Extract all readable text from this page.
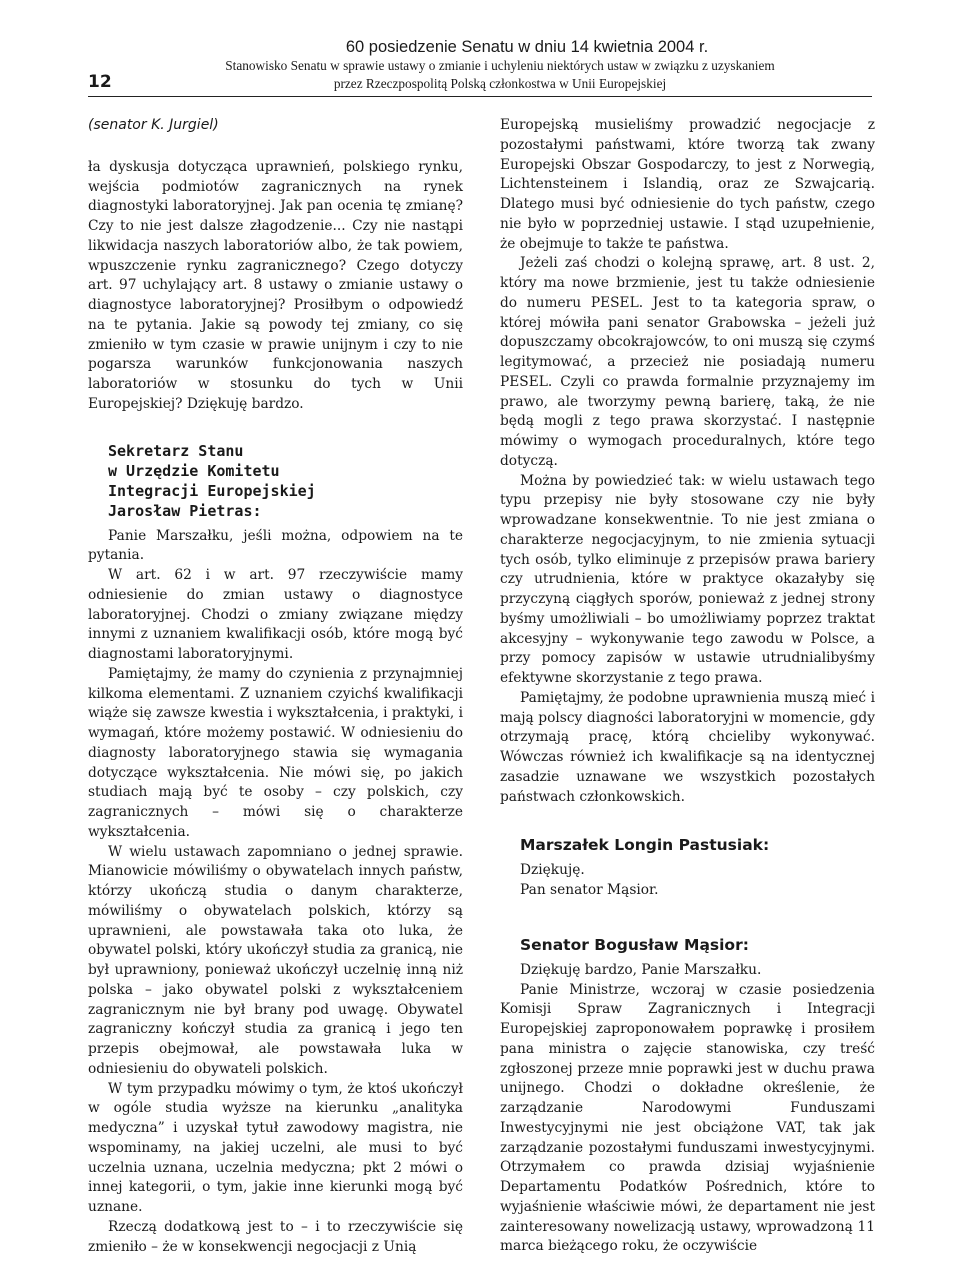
12
60 posiedzenie Senatu w dniu 14 kwietnia 2004 r.
Stanowisko Senatu w sprawie ustawy o zmianie i uchyleniu niektórych ustaw w związku z uzyskaniem
przez Rzeczpospolitą Polską członkostwa w Unii Europejskiej
(senator K. Jurgiel)

ła dyskusja dotycząca uprawnień, polskiego rynku, wejścia podmiotów zagranicznych na rynek diagnostyki laboratoryjnej. Jak pan ocenia tę zmianę? Czy to nie jest dalsze złagodzenie... Czy nie nastąpi likwidacja naszych laboratoriów albo, że tak powiem, wpuszczenie rynku zagranicznego? Czego dotyczy art. 97 uchylający art. 8 ustawy o zmianie ustawy o diagnostyce laboratoryjnej? Prosiłbym o odpowiedź na te pytania. Jakie są powody tej zmiany, co się zmieniło w tym czasie w prawie unijnym i czy to nie pogarsza warunków funkcjonowania naszych laboratoriów w stosunku do tych w Unii Europejskiej? Dziękuję bardzo.

Sekretarz Stanu
w Urzędzie Komitetu
Integracji Europejskiej
Jarosław Pietras:

Panie Marszałku, jeśli można, odpowiem na te pytania.

W art. 62 i w art. 97 rzeczywiście mamy odniesienie do zmian ustawy o diagnostyce laboratoryjnej. Chodzi o zmiany związane między innymi z uznaniem kwalifikacji osób, które mogą być diagnostami laboratoryjnymi.

Pamiętajmy, że mamy do czynienia z przynajmniej kilkoma elementami. Z uznaniem czyichś kwalifikacji wiąże się zawsze kwestia i wykształcenia, i praktyki, i wymagań, które możemy postawić. W odniesieniu do diagnosty laboratoryjnego stawia się wymagania dotyczące wykształcenia. Nie mówi się, po jakich studiach mają być te osoby – czy polskich, czy zagranicznych – mówi się o charakterze wykształcenia.

W wielu ustawach zapomniano o jednej sprawie. Mianowicie mówiliśmy o obywatelach innych państw, którzy ukończą studia o danym charakterze, mówiliśmy o obywatelach polskich, którzy są uprawnieni, ale powstawała taka oto luka, że obywatel polski, który ukończył studia za granicą, nie był uprawniony, ponieważ ukończył uczelnię inną niż polska – jako obywatel polski z wykształceniem zagranicznym nie był brany pod uwagę. Obywatel zagraniczny kończył studia za granicą i jego ten przepis obejmował, ale powstawała luka w odniesieniu do obywateli polskich.

W tym przypadku mówimy o tym, że ktoś ukończył w ogóle studia wyższe na kierunku „analityka medyczna” i uzyskał tytuł zawodowy magistra, nie wspominamy, na jakiej uczelni, ale musi to być uczelnia uznana, uczelnia medyczna; pkt 2 mówi o innej kategorii, o tym, jakie inne kierunki mogą być uznane.

Rzeczą dodatkową jest to – i to rzeczywiście się zmieniło – że w konsekwencji negocjacji z Unią

Europejską musieliśmy prowadzić negocjacje z pozostałymi państwami, które tworzą tak zwany Europejski Obszar Gospodarczy, to jest z Norwegią, Lichtensteinem i Islandią, oraz ze Szwajcarią. Dlatego musi być odniesienie do tych państw, czego nie było w poprzedniej ustawie. I stąd uzupełnienie, że obejmuje to także te państwa.

Jeżeli zaś chodzi o kolejną sprawę, art. 8 ust. 2, który ma nowe brzmienie, jest tu także odniesienie do numeru PESEL. Jest to ta kategoria spraw, o której mówiła pani senator Grabowska – jeżeli już dopuszczamy obcokrajowców, to oni muszą się czymś legitymować, a przecież nie posiadają numeru PESEL. Czyli co prawda formalnie przyznajemy im prawo, ale tworzymy pewną barierę, taką, że nie będą mogli z tego prawa skorzystać. I następnie mówimy o wymogach proceduralnych, które tego dotyczą.

Można by powiedzieć tak: w wielu ustawach tego typu przepisy nie były stosowane czy nie były wprowadzane konsekwentnie. To nie jest zmiana o charakterze negocjacyjnym, to nie zmienia sytuacji tych osób, tylko eliminuje z przepisów prawa bariery czy utrudnienia, które w praktyce okazałyby się przyczyną ciągłych sporów, ponieważ z jednej strony byśmy umożliwiali – bo umożliwiamy poprzez traktat akcesyjny – wykonywanie tego zawodu w Polsce, a przy pomocy zapisów w ustawie utrudnialibyśmy efektywne skorzystanie z tego prawa.

Pamiętajmy, że podobne uprawnienia muszą mieć i mają polscy diagności laboratoryjni w momencie, gdy otrzymają pracę, którą chcieliby wykonywać. Wówczas również ich kwalifikacje są na identycznej zasadzie uznawane we wszystkich pozostałych państwach członkowskich.

Marszałek Longin Pastusiak:

Dziękuję.

Pan senator Mąsior.

Senator Bogusław Mąsior:

Dziękuję bardzo, Panie Marszałku.

Panie Ministrze, wczoraj w czasie posiedzenia Komisji Spraw Zagranicznych i Integracji Europejskiej zaproponowałem poprawkę i prosiłem pana ministra o zajęcie stanowiska, czy treść zgłoszonej przeze mnie poprawki jest w duchu prawa unijnego. Chodzi o dokładne określenie, że zarządzanie Narodowymi Funduszami Inwestycyjnymi nie jest obciążone VAT, tak jak zarządzanie pozostałymi funduszami inwestycyjnymi. Otrzymałem co prawda dzisiaj wyjaśnienie Departamentu Podatków Pośrednich, które to wyjaśnienie właściwie mówi, że departament nie jest zainteresowany nowelizacją ustawy, wprowadzoną 11 marca bieżącego roku, że oczywiście
